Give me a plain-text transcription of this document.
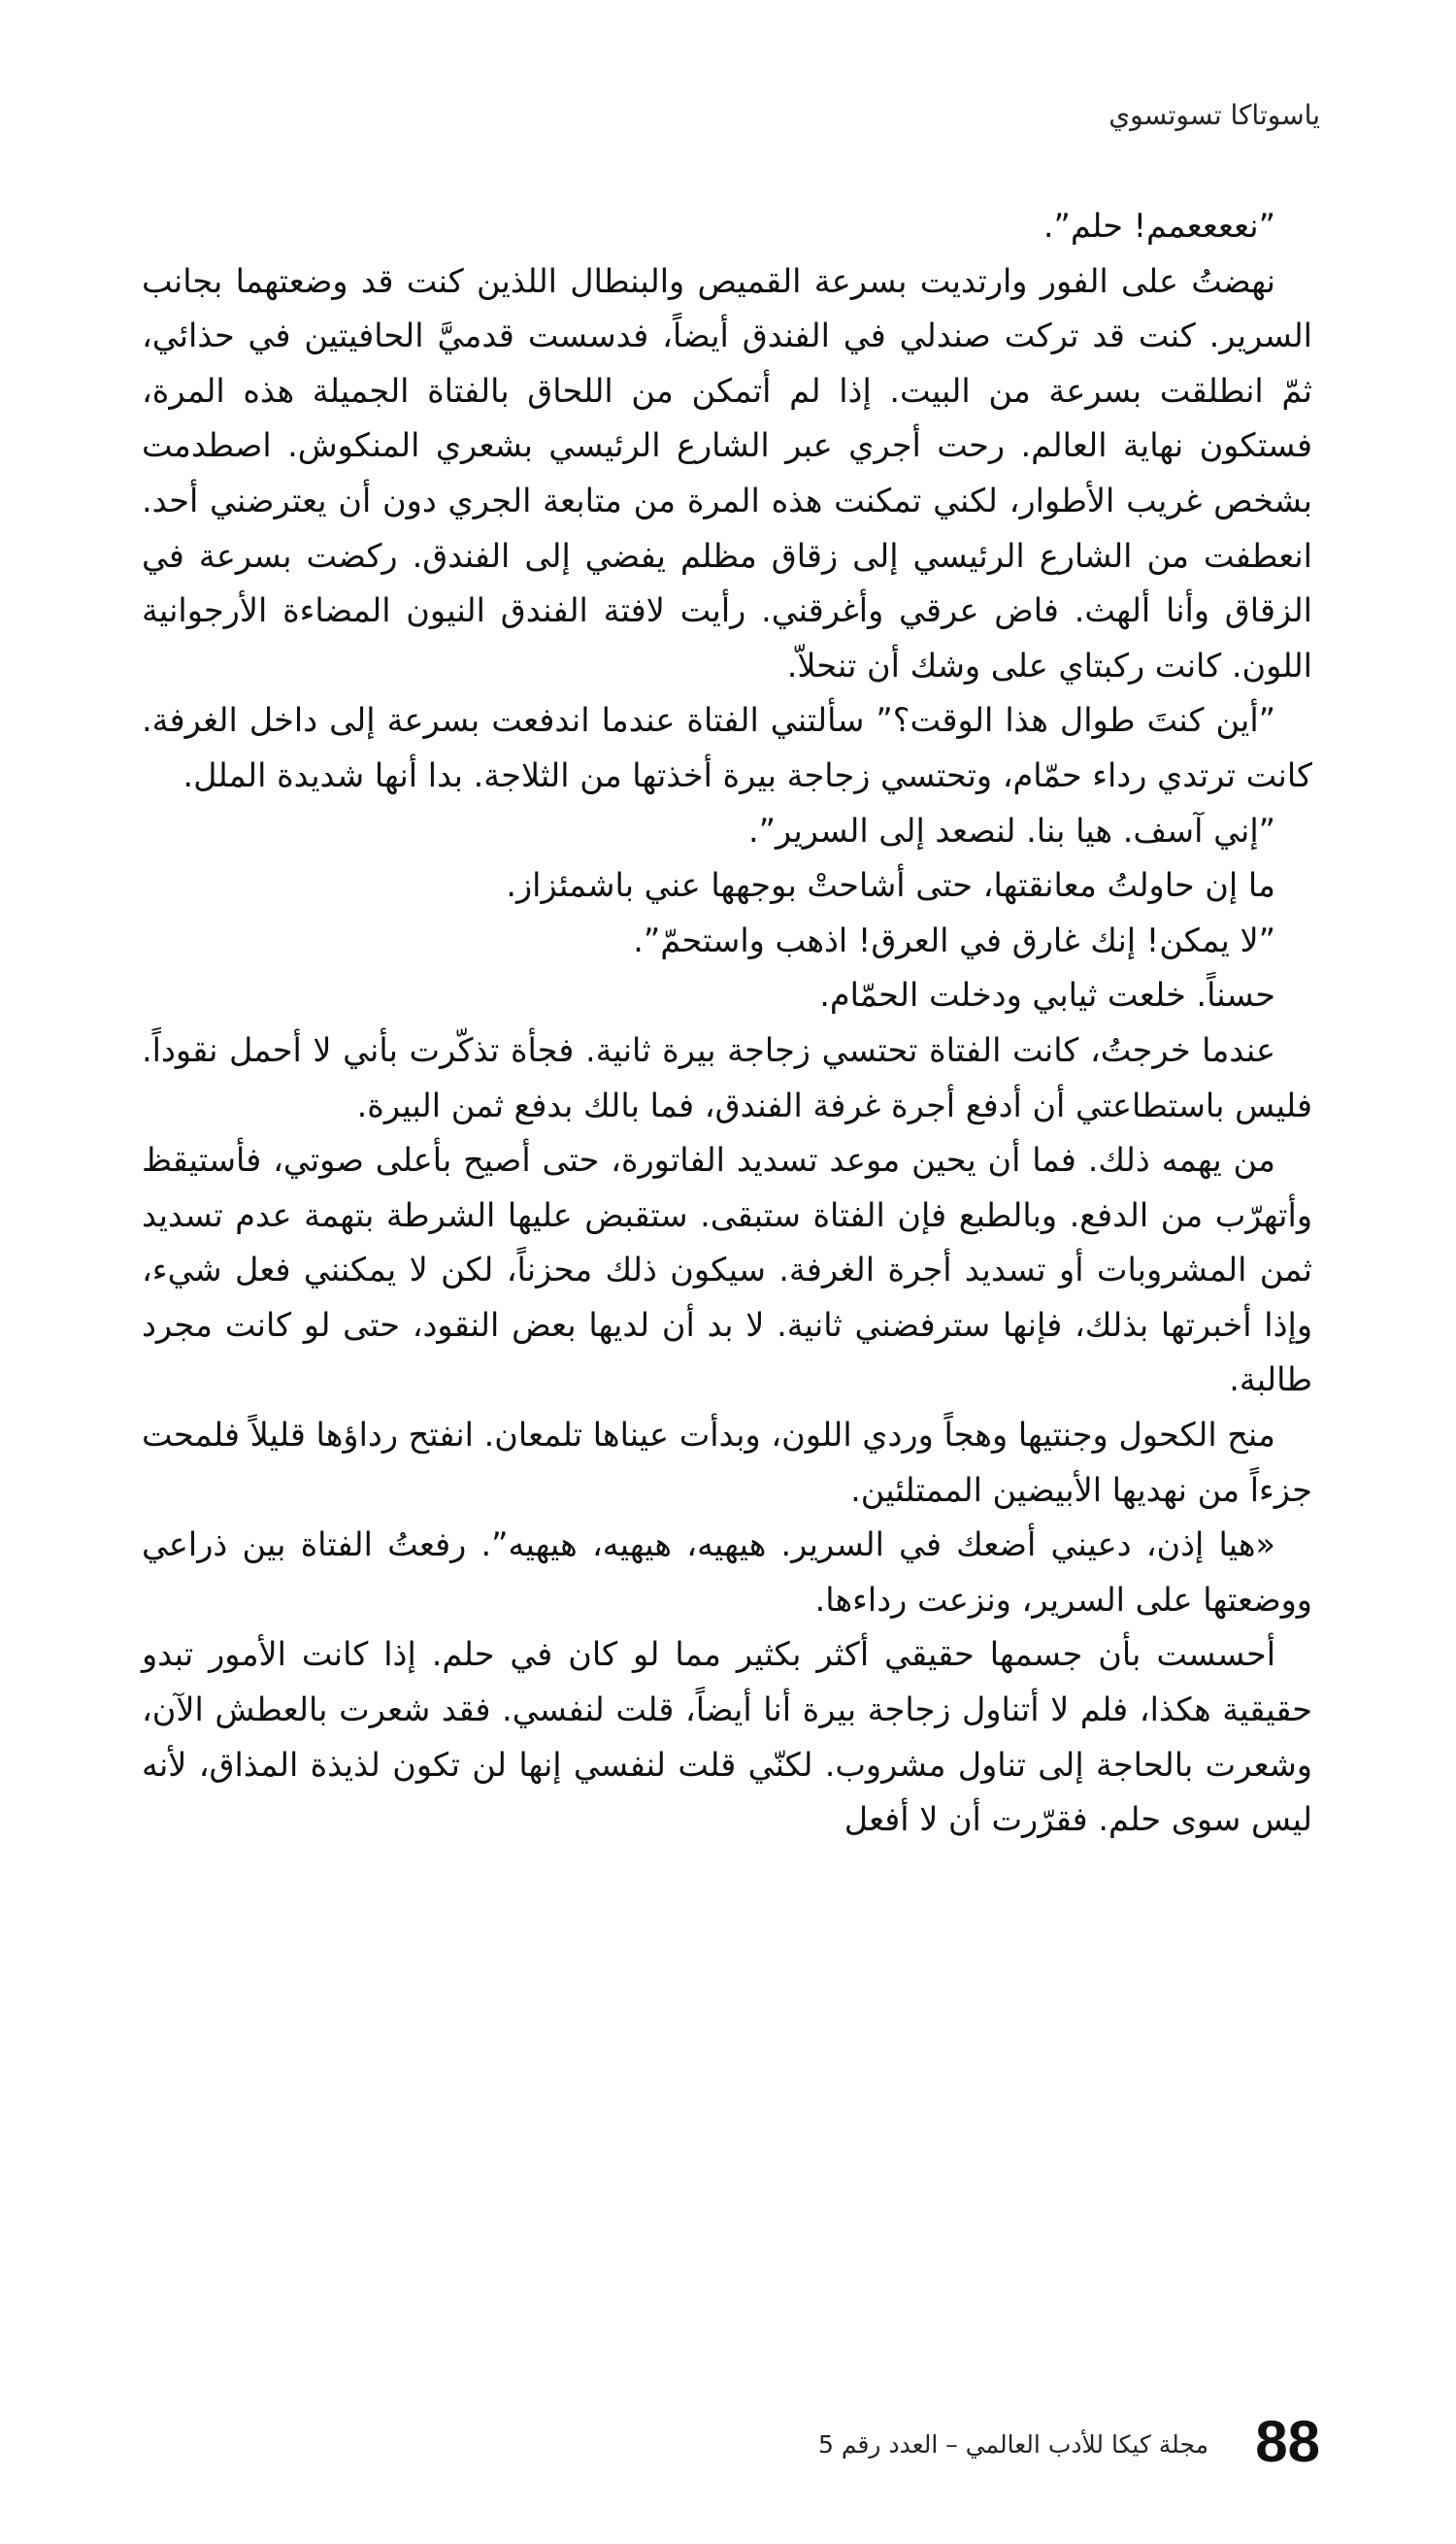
ياسوتاكا تسوتسوي

”نععععمم! حلم”.

نهضتُ على الفور وارتديت بسرعة القميص والبنطال اللذين كنت قد وضعتهما بجانب السرير. كنت قد تركت صندلي في الفندق أيضاً، فدسست قدميَّ الحافيتين في حذائي، ثمّ انطلقت بسرعة من البيت. إذا لم أتمكن من اللحاق بالفتاة الجميلة هذه المرة، فستكون نهاية العالم. رحت أجري عبر الشارع الرئيسي بشعري المنكوش. اصطدمت بشخص غريب الأطوار، لكني تمكنت هذه المرة من متابعة الجري دون أن يعترضني أحد. انعطفت من الشارع الرئيسي إلى زقاق مظلم يفضي إلى الفندق. ركضت بسرعة في الزقاق وأنا ألهث. فاض عرقي وأغرقني. رأيت لافتة الفندق النيون المضاءة الأرجوانية اللون. كانت ركبتاي على وشك أن تنحلاّ.

”أين كنتَ طوال هذا الوقت؟” سألتني الفتاة عندما اندفعت بسرعة إلى داخل الغرفة. كانت ترتدي رداء حمّام، وتحتسي زجاجة بيرة أخذتها من الثلاجة. بدا أنها شديدة الملل.

”إني آسف. هيا بنا. لنصعد إلى السرير”.

ما إن حاولتُ معانقتها، حتى أشاحتْ بوجهها عني باشمئزاز.

”لا يمكن! إنك غارق في العرق! اذهب واستحمّ”.

حسناً. خلعت ثيابي ودخلت الحمّام.

عندما خرجتُ، كانت الفتاة تحتسي زجاجة بيرة ثانية. فجأة تذكّرت بأني لا أحمل نقوداً. فليس باستطاعتي أن أدفع أجرة غرفة الفندق، فما بالك بدفع ثمن البيرة.

من يهمه ذلك. فما أن يحين موعد تسديد الفاتورة، حتى أصيح بأعلى صوتي، فأستيقظ وأتهرّب من الدفع. وبالطبع فإن الفتاة ستبقى. ستقبض عليها الشرطة بتهمة عدم تسديد ثمن المشروبات أو تسديد أجرة الغرفة. سيكون ذلك محزناً، لكن لا يمكنني فعل شيء، وإذا أخبرتها بذلك، فإنها سترفضني ثانية. لا بد أن لديها بعض النقود، حتى لو كانت مجرد طالبة.

منح الكحول وجنتيها وهجاً وردي اللون، وبدأت عيناها تلمعان. انفتح رداؤها قليلاً فلمحت جزءاً من نهديها الأبيضين الممتلئين.

«هيا إذن، دعيني أضعك في السرير. هيهيه، هيهيه، هيهيه”. رفعتُ الفتاة بين ذراعي ووضعتها على السرير، ونزعت رداءها.

أحسست بأن جسمها حقيقي أكثر بكثير مما لو كان في حلم. إذا كانت الأمور تبدو حقيقية هكذا، فلم لا أتناول زجاجة بيرة أنا أيضاً، قلت لنفسي. فقد شعرت بالعطش الآن، وشعرت بالحاجة إلى تناول مشروب. لكنّي قلت لنفسي إنها لن تكون لذيذة المذاق، لأنه ليس سوى حلم. فقرّرت أن لا أفعل

مجلة كيكا للأدب العالمي – العدد رقم 5 88
